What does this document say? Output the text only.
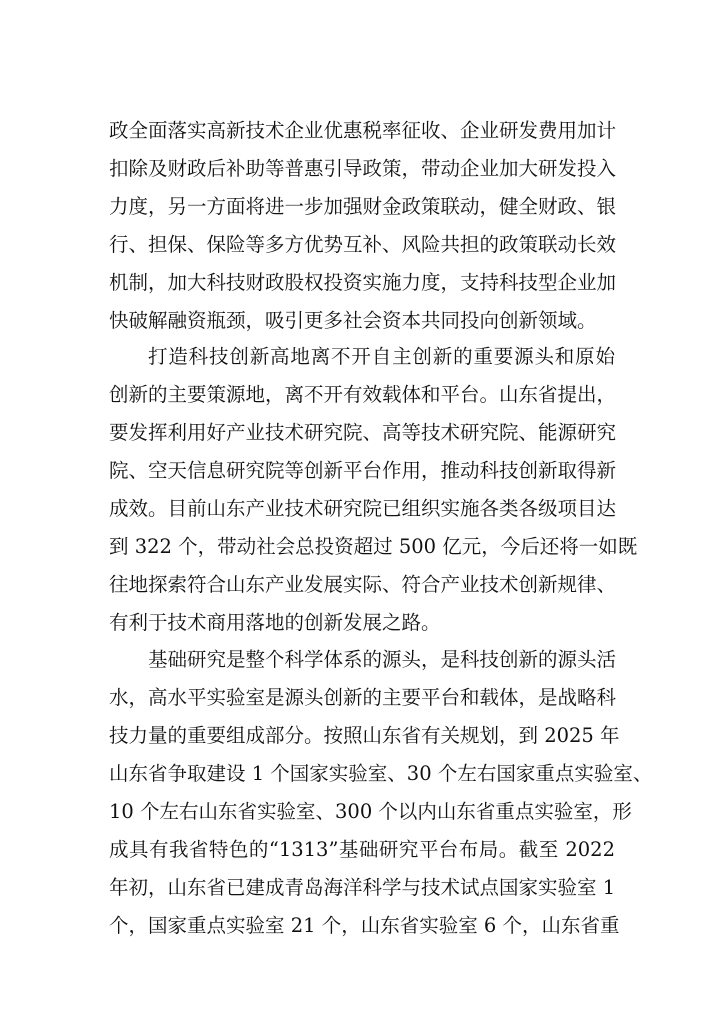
政全面落实高新技术企业优惠税率征收、企业研发费用加计
扣除及财政后补助等普惠引导政策，带动企业加大研发投入
力度，另一方面将进一步加强财金政策联动，健全财政、银
行、担保、保险等多方优势互补、风险共担的政策联动长效
机制，加大科技财政股权投资实施力度，支持科技型企业加
快破解融资瓶颈，吸引更多社会资本共同投向创新领域。
打造科技创新高地离不开自主创新的重要源头和原始
创新的主要策源地，离不开有效载体和平台。山东省提出，
要发挥利用好产业技术研究院、高等技术研究院、能源研究
院、空天信息研究院等创新平台作用，推动科技创新取得新
成效。目前山东产业技术研究院已组织实施各类各级项目达
到 322 个，带动社会总投资超过 500 亿元，今后还将一如既
往地探索符合山东产业发展实际、符合产业技术创新规律、
有利于技术商用落地的创新发展之路。
基础研究是整个科学体系的源头，是科技创新的源头活
水，高水平实验室是源头创新的主要平台和载体，是战略科
技力量的重要组成部分。按照山东省有关规划，到 2025 年
山东省争取建设 1 个国家实验室、30 个左右国家重点实验室、
10 个左右山东省实验室、300 个以内山东省重点实验室，形
成具有我省特色的“1313”基础研究平台布局。截至 2022
年初，山东省已建成青岛海洋科学与技术试点国家实验室 1
个，国家重点实验室 21 个，山东省实验室 6 个，山东省重
